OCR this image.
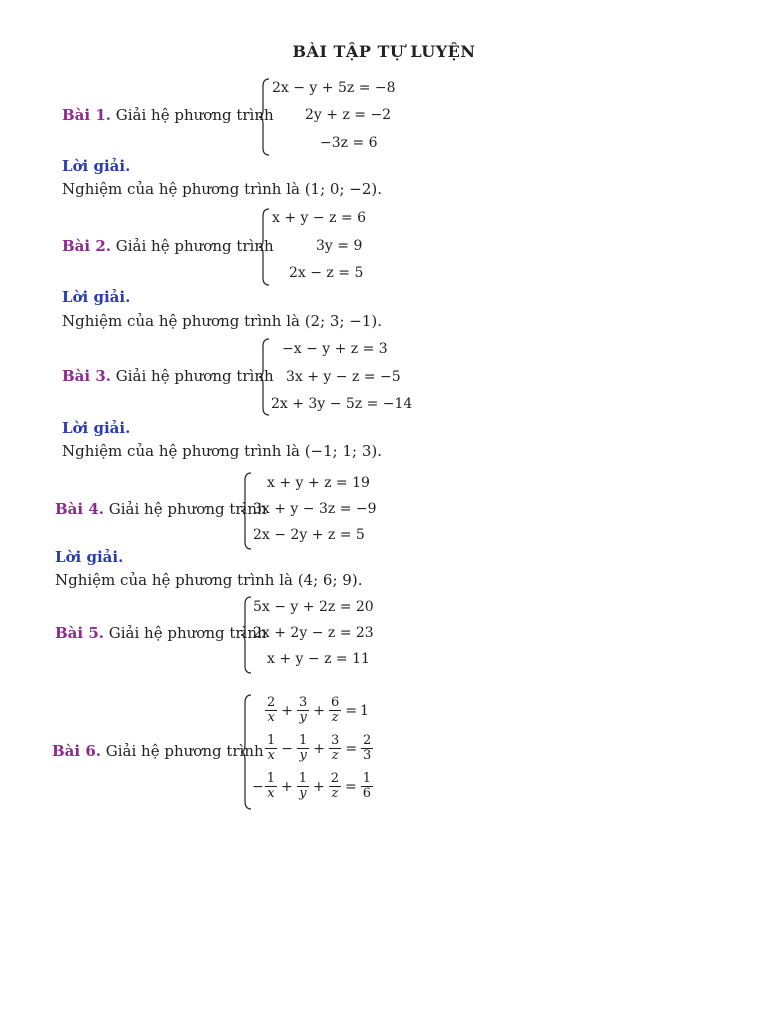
BÀI TẬP TỰ LUYỆN
Bài 1. Giải hệ phương trình
2x − y + 5z = −8
2y + z = −2
−3z = 6
Lời giải.
Nghiệm của hệ phương trình là (1; 0; −2).
Bài 2. Giải hệ phương trình
x + y − z = 6
3y = 9
2x − z = 5
Lời giải.
Nghiệm của hệ phương trình là (2; 3; −1).
Bài 3. Giải hệ phương trình
−x − y + z = 3
3x + y − z = −5
2x + 3y − 5z = −14
Lời giải.
Nghiệm của hệ phương trình là (−1; 1; 3).
Bài 4. Giải hệ phương trình
x + y + z = 19
3x + y − 3z = −9
2x − 2y + z = 5
Lời giải.
Nghiệm của hệ phương trình là (4; 6; 9).
Bài 5. Giải hệ phương trình
5x − y + 2z = 20
2x + 2y − z = 23
x + y − z = 11
Bài 6. Giải hệ phương trình
$\frac{2}{x} + \frac{3}{y} + \frac{6}{z} = 1$
$\frac{1}{x} - \frac{1}{y} + \frac{3}{z} = \frac{2}{3}$
− $\frac{1}{x} + \frac{1}{y} + \frac{2}{z} = \frac{1}{6}$
